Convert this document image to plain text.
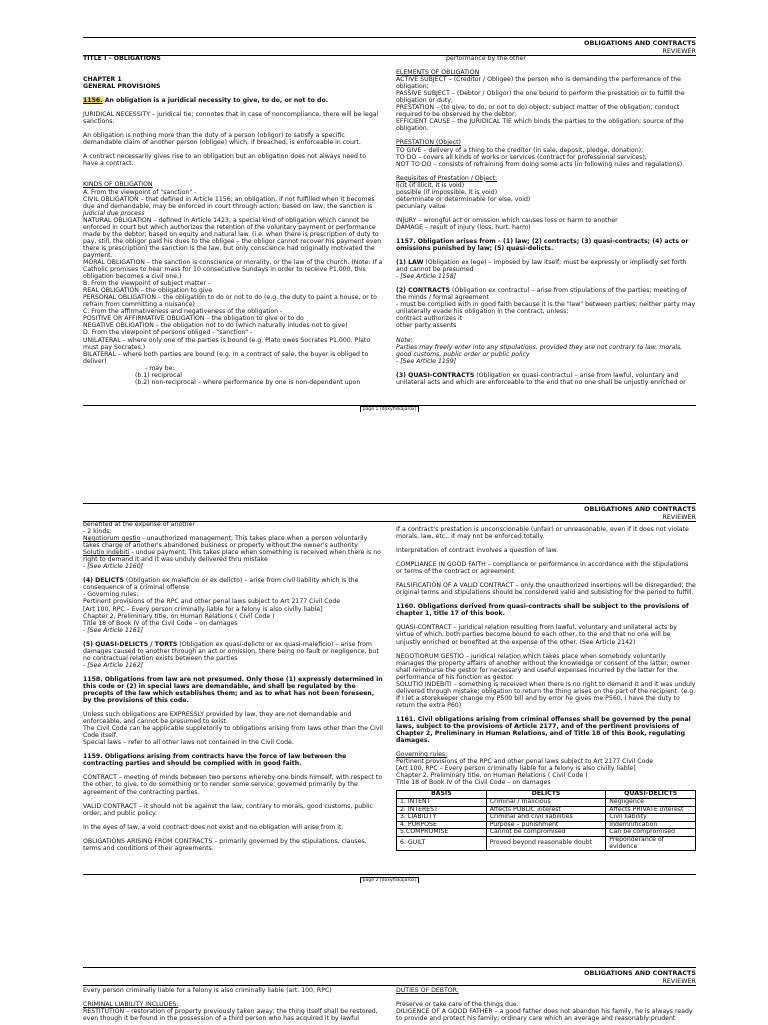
OBLIGATIONS AND CONTRACTS
REVIEWER

TITLE I – OBLIGATIONS

CHAPTER 1

GENERAL PROVISIONS

1156. An obligation is a juridical necessity to give, to do, or not to do.

JURIDICAL NECESSITY – juridical tie; connotes that in case of noncompliance, there will be legal sanctions.

An obligation is nothing more than the duty of a person (obligor) to satisfy a specific demandable claim of another person (obligee) which, if breached, is enforceable in court.

A contract necessarily gives rise to an obligation but an obligation does not always need to have a contract.

KINDS OF OBLIGATION

A. From the viewpoint of "sanction" -

CIVIL OBLIGATION – that defined in Article 1156; an obligation, if not fulfilled when it becomes due and demandable, may be enforced in court through action; based on law; the sanction is judicial due process

NATURAL OBLIGATION – defined in Article 1423; a special kind of obligation which cannot be enforced in court but which authorizes the retention of the voluntary payment or performance made by the debtor; based on equity and natural law. (i.e. when there is prescription of duty to pay, still, the obligor paid his dues to the obligee – the obligor cannot recover his payment even there is prescription) the sanction is the law, but only conscience had originally motivated the payment.

MORAL OBLIGATION – the sanction is conscience or morality, or the law of the church. (Note: If a Catholic promises to hear mass for 10 consecutive Sundays in order to receive P1,000, this obligation becomes a civil one.)

B. From the viewpoint of subject matter -

REAL OBLIGATION – the obligation to give

PERSONAL OBLIGATION – the obligation to do or not to do (e.g. the duty to paint a house, or to refrain from committing a nuisance)

C. From the affirmativeness and negativeness of the obligation -

POSITIVE OR AFFIRMATIVE OBLIGATION – the obligation to give or to do

NEGATIVE OBLIGATION – the obligation not to do (which naturally inludes not to give)

D. From the viewpoint of persons obliged - "sanction" -

UNILATERAL – where only one of the parties is bound (e.g. Plato owes Socrates P1,000. Plato must pay Socrates.)

BILATERAL – where both parties are bound (e.g. In a contract of sale, the buyer is obliged to deliver)

- may be:

(b.1) reciprocal

(b.2) non-reciprocal – where performance by one is non-dependent upon

performance by the other

ELEMENTS OF OBLIGATION

ACTIVE SUBJECT – (Creditor / Obligee) the person who is demanding the performance of the obligation;

PASSIVE SUBJECT – (Debtor / Obligor) the one bound to perform the prestation or to fulfill the obligation or duty;

PRESTATION – (to give, to do, or not to do) object; subject matter of the obligation; conduct required to be observed by the debtor;

EFFICIENT CAUSE – the JURIDICAL TIE which binds the parties to the obligation; source of the obligation.

PRESTATION (Object)

TO GIVE – delivery of a thing to the creditor (in sale, deposit, pledge, donation);

TO DO – covers all kinds of works or services (contract for professional services);

NOT TO DO – consists of refraining from doing some acts (in following rules and regulations).

Requisites of Prestation / Object:

licit (if illicit, it is void)

possible (if impossible, it is void)

determinate or determinable (or else, void)

pecuniary value

INJURY – wrongful act or omission which causes loss or harm to another

DAMAGE – result of injury (loss, hurt, harm)

1157. Obligation arises from – (1) law; (2) contracts; (3) quasi-contracts; (4) acts or omissions punished by law; (5) quasi-delicts.

(1) LAW (Obligation ex lege) – imposed by law itself; must be expressly or impliedly set forth and cannot be presumed

- [See Article 1158]

(2) CONTRACTS (Obligation ex contractu) – arise from stipulations of the parties; meeting of the minds / formal agreement

- must be complied with in good faith because it is the "law" between parties; neither party may unilaterally evade his obligation in the contract, unless:

contract authorizes it

other party assents

Note:

Parties may freely enter into any stipulations, provided they are not contrary to law, morals, good customs, public order or public policy

- [See Article 1159]

(3) QUASI-CONTRACTS (Obligation ex quasi-contractu) – arise from lawful, voluntary and unilateral acts and which are enforceable to the end that no one shall be unjustly enriched or

page 1 [doxyfiskajarox]
OBLIGATIONS AND CONTRACTS
REVIEWER

benefited at the expense of another

- 2 kinds:

Negotiorum gestio - unauthorized management; This takes place when a person voluntarily takes charge of another's abandoned business or property without the owner's authority

Solutio indebiti - undue payment; This takes place when something is received when there is no right to demand it and it was unduly delivered thru mistake

- [See Article 1160]

(4) DELICTS (Obligation ex maleficio or ex delicto) – arise from civil liability which is the consequence of a criminal offense

- Governing rules:

Pertinent provisions of the RPC and other penal laws subject to Art 2177 Civil Code

[Art 100, RPC – Every person criminally liable for a felony is also civilly liable]

Chapter 2, Preliminary title, on Human Relations ( Civil Code )

Title 18 of Book IV of the Civil Code – on damages

- [See Article 1161]

(5) QUASI-DELICTS / TORTS (Obligation ex quasi-delicto or ex quasi-maleficio) – arise from damages caused to another through an act or omission, there being no fault or negligence, but no contractual relation exists between the parties

- [See Article 1162]

1158. Obligations from law are not presumed. Only those (1) expressly determined in this code or (2) in special laws are demandable, and shall be regulated by the precepts of the law which establishes them; and as to what has not been foreseen, by the provisions of this code.

Unless such obligations are EXPRESSLY provided by law, they are not demandable and enforceable, and cannot be presumed to exist.

The Civil Code can be applicable suppletorily to obligations arising from laws other than the Civil Code itself.

Special laws – refer to all other laws not contained in the Civil Code.

1159. Obligations arising from contracts have the force of law between the contracting parties and should be complied with in good faith.

CONTRACT – meeting of minds between two persons whereby one binds himself, with respect to the other, to give, to do something or to render some service; governed primarily by the agreement of the contracting parties.

VALID CONTRACT – it should not be against the law, contrary to morals, good customs, public order, and public policy.

In the eyes of law, a void contract does not exist and no obligation will arise from it.

OBLIGATIONS ARISING FROM CONTRACTS – primarily governed by the stipulations, clauses, terms and conditions of their agreements.

If a contract's prestation is unconscionable (unfair) or unreasonable, even if it does not violate morals, law, etc., it may not be enforced totally.

Interpretation of contract involves a question of law.

COMPLIANCE IN GOOD FAITH – compliance or performance in accordance with the stipulations or terms of the contract or agreement.

FALSIFICATION OF A VALID CONTRACT – only the unauthorized insertions will be disregarded; the original terms and stipulations should be considered valid and subsisting for the period to fulfill.

1160. Obligations derived from quasi-contracts shall be subject to the provisions of chapter 1, title 17 of this book.

QUASI-CONTRACT – juridical relation resulting from lawful, voluntary and unilateral acts by virtue of which, both parties become bound to each other, to the end that no one will be unjustly enriched or benefited at the expense of the other. (See Article 2142)

NEGOTIORUM GESTIO – juridical relation which takes place when somebody voluntarily manages the property affairs of another without the knowledge or consent of the latter; owner shall reimburse the gestor for necessary and useful expenses incurred by the latter for the performance of his function as gestor.

SOLUTIO INDEBITI – something is received when there is no right to demand it and it was unduly delivered through mistake; obligation to return the thing arises on the part of the recipient. (e.g. If I let a storekeeper change my P500 bill and by error he gives me P560, I have the duty to return the extra P60)

1161. Civil obligations arising from criminal offenses shall be governed by the penal laws, subject to the provisions of Article 2177, and of the pertinent provisions of Chapter 2, Preliminary in Human Relations, and of Title 18 of this Book, regulating damages.

Governing rules:

Pertinent provisions of the RPC and other penal laws subject to Art 2177 Civil Code

[Art 100, RPC – Every person criminally liable for a felony is also civilly liable]

Chapter 2, Preliminary title, on Human Relations ( Civil Code )

Title 18 of Book IV of the Civil Code – on damages

BASIS	DELICTS	QUASI-DELICTS
1. INTENT	Criminal / malicious	Negligence
2. INTEREST	Affects PUBLIC interest	Affects PRIVATE interest
3. LIABILITY	Criminal and civil liabilities	Civil liability
4. PURPOSE	Purpose – punishment	Indemnification
5.COMPROMISE	Cannot be compromised	Can be compromised
6. GUILT	Proved beyond reasonable doubt	Preponderance of evidence
page 2 [doxyfiskajarox]
OBLIGATIONS AND CONTRACTS
REVIEWER

Every person criminally liable for a felony is also criminally liable (art. 100, RPC)

CRIMINAL LIABILITY INCLUDES:

RESTITUTION – restoration of property previously taken away; the thing itself shall be restored, even though it be found in the possession of a third person who has acquired it by lawful

DUTIES OF DEBTOR:

Preserve or take care of the things due.

DILIGENCE OF A GOOD FATHER – a good father does not abandon his family, he is always ready to provide and protect his family; ordinary care which an average and reasonably prudent
